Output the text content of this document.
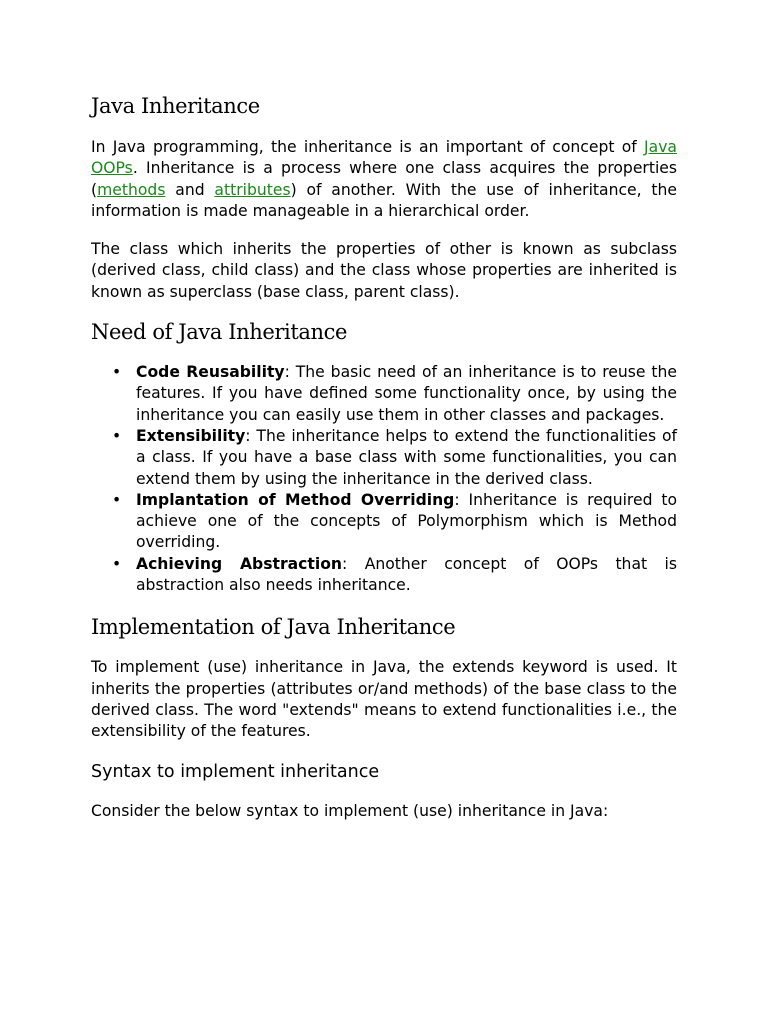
Java Inheritance

In Java programming, the inheritance is an important of concept of Java OOPs. Inheritance is a process where one class acquires the properties (methods and attributes) of another. With the use of inheritance, the information is made manageable in a hierarchical order.

The class which inherits the properties of other is known as subclass (derived class, child class) and the class whose properties are inherited is known as superclass (base class, parent class).

Need of Java Inheritance
• Code Reusability: The basic need of an inheritance is to reuse the features. If you have defined some functionality once, by using the inheritance you can easily use them in other classes and packages.
• Extensibility: The inheritance helps to extend the functionalities of a class. If you have a base class with some functionalities, you can extend them by using the inheritance in the derived class.
• Implantation of Method Overriding: Inheritance is required to achieve one of the concepts of Polymorphism which is Method overriding.
• Achieving Abstraction: Another concept of OOPs that is abstraction also needs inheritance.
Implementation of Java Inheritance

To implement (use) inheritance in Java, the extends keyword is used. It inherits the properties (attributes or/and methods) of the base class to the derived class. The word "extends" means to extend functionalities i.e., the extensibility of the features.

Syntax to implement inheritance

Consider the below syntax to implement (use) inheritance in Java:
